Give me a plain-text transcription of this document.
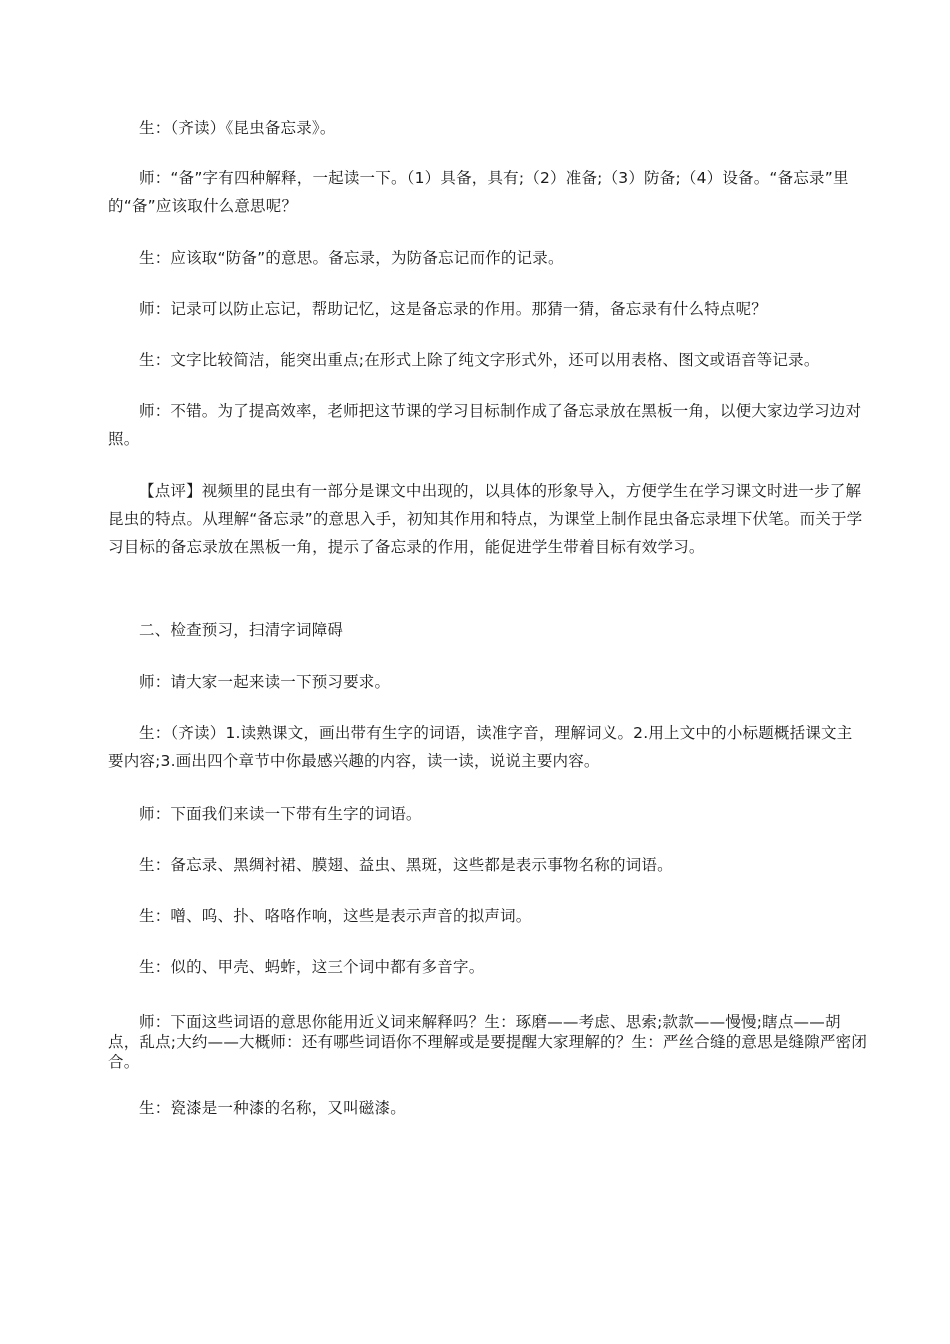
生：（齐读）《昆虫备忘录》。

师：“备”字有四种解释，一起读一下。（1）具备，具有;（2）准备;（3）防备;（4）设备。“备忘录”里的“备”应该取什么意思呢？

生：应该取“防备”的意思。备忘录，为防备忘记而作的记录。

师：记录可以防止忘记，帮助记忆，这是备忘录的作用。那猜一猜，备忘录有什么特点呢？

生：文字比较简洁，能突出重点;在形式上除了纯文字形式外，还可以用表格、图文或语音等记录。

师：不错。为了提高效率，老师把这节课的学习目标制作成了备忘录放在黑板一角，以便大家边学习边对照。

【点评】视频里的昆虫有一部分是课文中出现的，以具体的形象导入，方便学生在学习课文时进一步了解昆虫的特点。从理解“备忘录”的意思入手，初知其作用和特点，为课堂上制作昆虫备忘录埋下伏笔。而关于学习目标的备忘录放在黑板一角，提示了备忘录的作用，能促进学生带着目标有效学习。

二、检查预习，扫清字词障碍

师：请大家一起来读一下预习要求。

生：（齐读）1.读熟课文，画出带有生字的词语，读准字音，理解词义。2.用上文中的小标题概括课文主要内容;3.画出四个章节中你最感兴趣的内容，读一读，说说主要内容。

师：下面我们来读一下带有生字的词语。

生：备忘录、黑绸衬裙、膜翅、益虫、黑斑，这些都是表示事物名称的词语。

生：噌、呜、扑、咯咯作响，这些是表示声音的拟声词。

生：似的、甲壳、蚂蚱，这三个词中都有多音字。

师：下面这些词语的意思你能用近义词来解释吗？生：琢磨——考虑、思索;款款——慢慢;瞎点——胡点，乱点;大约——大概师：还有哪些词语你不理解或是要提醒大家理解的？生：严丝合缝的意思是缝隙严密闭合。

生：瓷漆是一种漆的名称，又叫磁漆。
